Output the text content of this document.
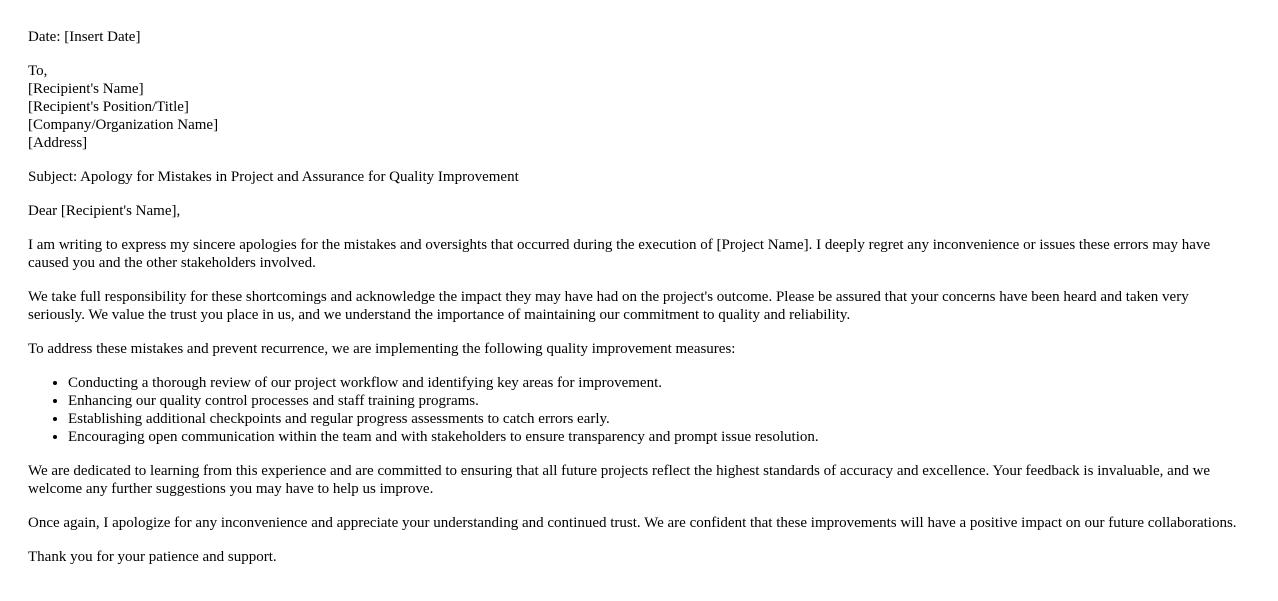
Date: [Insert Date]

To,

[Recipient's Name]

[Recipient's Position/Title]

[Company/Organization Name]

[Address]

Subject: Apology for Mistakes in Project and Assurance for Quality Improvement

Dear [Recipient's Name],

I am writing to express my sincere apologies for the mistakes and oversights that occurred during the execution of [Project Name]. I deeply regret any inconvenience or issues these errors may have caused you and the other stakeholders involved.

We take full responsibility for these shortcomings and acknowledge the impact they may have had on the project's outcome. Please be assured that your concerns have been heard and taken very seriously. We value the trust you place in us, and we understand the importance of maintaining our commitment to quality and reliability.

To address these mistakes and prevent recurrence, we are implementing the following quality improvement measures:

• Conducting a thorough review of our project workflow and identifying key areas for improvement.
• Enhancing our quality control processes and staff training programs.
• Establishing additional checkpoints and regular progress assessments to catch errors early.
• Encouraging open communication within the team and with stakeholders to ensure transparency and prompt issue resolution.

We are dedicated to learning from this experience and are committed to ensuring that all future projects reflect the highest standards of accuracy and excellence. Your feedback is invaluable, and we welcome any further suggestions you may have to help us improve.

Once again, I apologize for any inconvenience and appreciate your understanding and continued trust. We are confident that these improvements will have a positive impact on our future collaborations.

Thank you for your patience and support.
